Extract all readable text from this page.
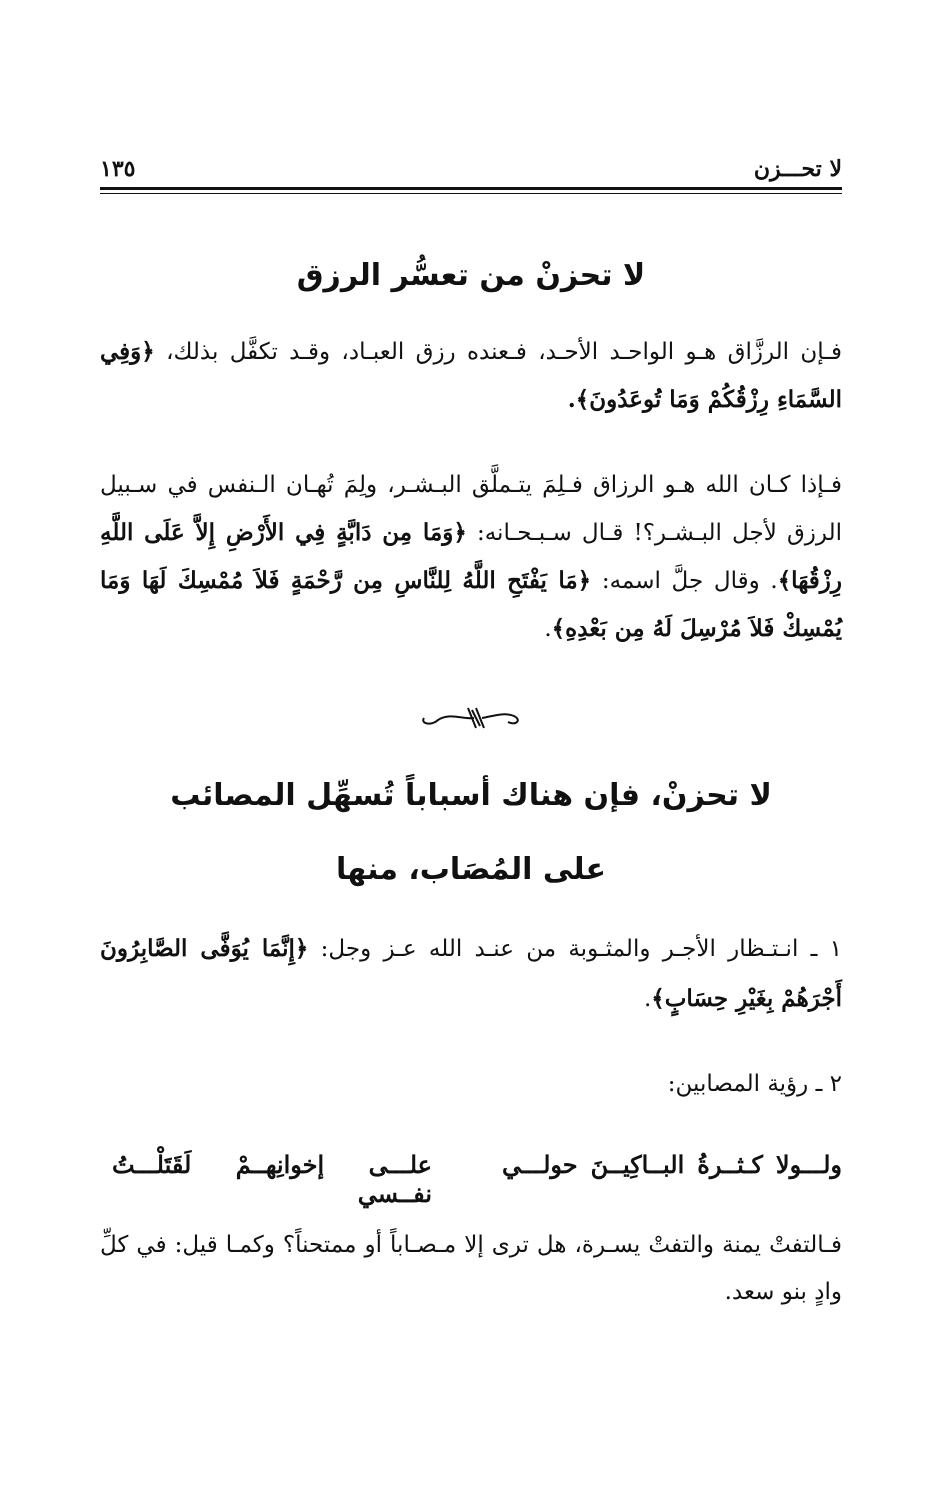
لا تحـــزن
١٣٥
لا تحزنْ من تعسُّر الرزق
فـإن الرزَّاق هـو الواحـد الأحـد، فـعنده رزق العبـاد، وقـد تكفَّل بذلك، ﴿وَفِي السَّمَاءِ رِزْقُكُمْ وَمَا تُوعَدُونَ﴾.
فـإذا كـان الله هـو الرزاق فـلِمَ يتـملَّق البـشـر، ولِمَ تُهـان الـنفس في سـبيل الرزق لأجل البـشـر؟! قـال سـبـحـانه: ﴿وَمَا مِن دَابَّةٍ فِي الأَرْضِ إِلاَّ عَلَى اللَّهِ رِزْقُهَا﴾. وقال جلَّ اسمه: ﴿مَا يَفْتَحِ اللَّهُ لِلنَّاسِ مِن رَّحْمَةٍ فَلاَ مُمْسِكَ لَهَا وَمَا يُمْسِكْ فَلاَ مُرْسِلَ لَهُ مِن بَعْدِهِ﴾.
لا تحزنْ، فإن هناك أسباباً تُسهِّل المصائب
على المُصَاب، منها
١ ـ انـتـظار الأجـر والمثـوبة من عنـد الله عـز وجل: ﴿إِنَّمَا يُوَفَّى الصَّابِرُونَ أَجْرَهُمْ بِغَيْرِ حِسَابٍ﴾.
٢ ـ رؤية المصابين:
ولـــولا كـثــرةُ البــاكِيــنَ حولـــي
علـــى إخوانِهــمْ لَقَتَلْـــتُ نفــسي
فـالتفتْ يمنة والتفتْ يسـرة، هل ترى إلا مـصـاباً أو ممتحناً؟ وكمـا قيل: في كلِّ وادٍ بنو سعد.
